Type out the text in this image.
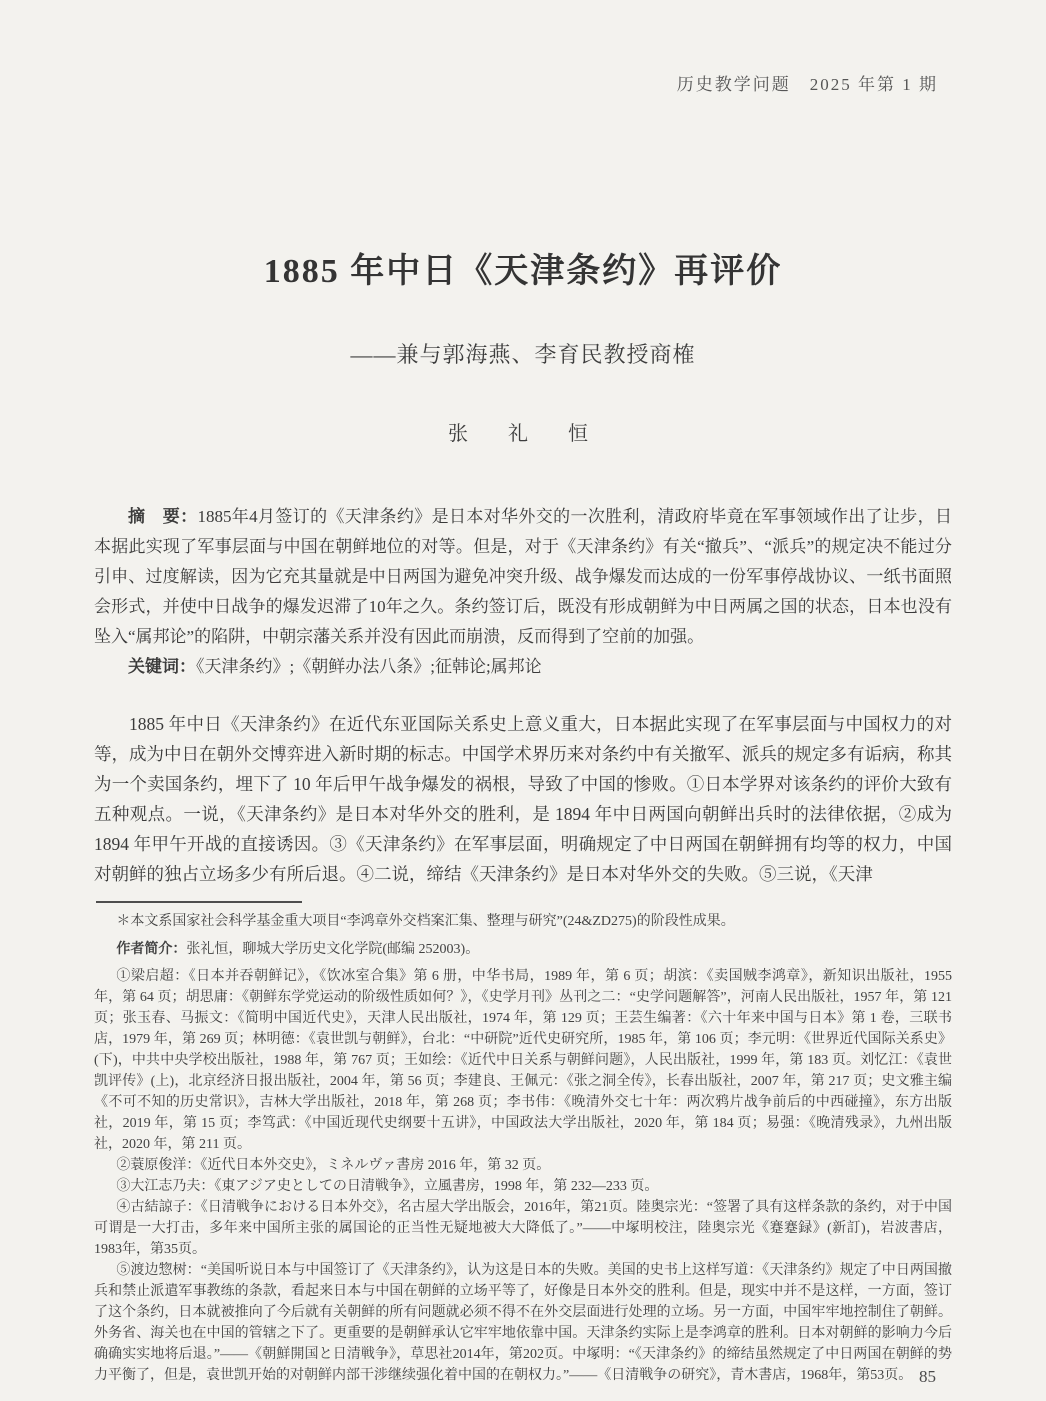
历史教学问题　2025 年第 1 期
1885 年中日《天津条约》再评价
——兼与郭海燕、李育民教授商榷
张　礼　恒

摘　要：1885年4月签订的《天津条约》是日本对华外交的一次胜利，清政府毕竟在军事领域作出了让步，日本据此实现了军事层面与中国在朝鲜地位的对等。但是，对于《天津条约》有关“撤兵”、“派兵”的规定决不能过分引申、过度解读，因为它充其量就是中日两国为避免冲突升级、战争爆发而达成的一份军事停战协议、一纸书面照会形式，并使中日战争的爆发迟滞了10年之久。条约签订后，既没有形成朝鲜为中日两属之国的状态，日本也没有坠入“属邦论”的陷阱，中朝宗藩关系并没有因此而崩溃，反而得到了空前的加强。

关键词：《天津条约》;《朝鲜办法八条》;征韩论;属邦论

1885 年中日《天津条约》在近代东亚国际关系史上意义重大，日本据此实现了在军事层面与中国权力的对等，成为中日在朝外交博弈进入新时期的标志。中国学术界历来对条约中有关撤军、派兵的规定多有诟病，称其为一个卖国条约，埋下了 10 年后甲午战争爆发的祸根，导致了中国的惨败。①日本学界对该条约的评价大致有五种观点。一说，《天津条约》是日本对华外交的胜利，是 1894 年中日两国向朝鲜出兵时的法律依据，②成为 1894 年甲午开战的直接诱因。③《天津条约》在军事层面，明确规定了中日两国在朝鲜拥有均等的权力，中国对朝鲜的独占立场多少有所后退。④二说，缔结《天津条约》是日本对华外交的失败。⑤三说，《天津

＊本文系国家社会科学基金重大项目“李鸿章外交档案汇集、整理与研究”(24&ZD275)的阶段性成果。

作者简介：张礼恒，聊城大学历史文化学院(邮编 252003)。

①梁启超：《日本并吞朝鲜记》，《饮冰室合集》第 6 册，中华书局，1989 年，第 6 页；胡滨：《卖国贼李鸿章》，新知识出版社，1955 年，第 64 页；胡思庸：《朝鲜东学党运动的阶级性质如何？》，《史学月刊》丛刊之二：“史学问题解答”，河南人民出版社，1957 年，第 121 页；张玉春、马振文：《简明中国近代史》，天津人民出版社，1974 年，第 129 页；王芸生编著：《六十年来中国与日本》第 1 卷，三联书店，1979 年，第 269 页；林明德：《袁世凯与朝鲜》，台北：“中研院”近代史研究所，1985 年，第 106 页；李元明：《世界近代国际关系史》(下)，中共中央学校出版社，1988 年，第 767 页；王如绘：《近代中日关系与朝鲜问题》，人民出版社，1999 年，第 183 页。刘忆江：《袁世凯评传》(上)，北京经济日报出版社，2004 年，第 56 页；李建良、王佩元：《张之洞全传》，长春出版社，2007 年，第 217 页；史文雅主编《不可不知的历史常识》，吉林大学出版社，2018 年，第 268 页；李书伟：《晚清外交七十年：两次鸦片战争前后的中西碰撞》，东方出版社，2019 年，第 15 页；李笃武：《中国近现代史纲要十五讲》，中国政法大学出版社，2020 年，第 184 页；易强：《晚清残录》，九州出版社，2020 年，第 211 页。

②蓑原俊洋：《近代日本外交史》，ミネルヴァ書房 2016 年，第 32 页。

③大江志乃夫：《東アジア史としての日清戦争》，立風書房，1998 年，第 232—233 页。

④古結諒子：《日清戦争における日本外交》，名古屋大学出版会，2016年，第21页。陸奥宗光：“签署了具有这样条款的条约，对于中国可谓是一大打击，多年来中国所主张的属国论的正当性无疑地被大大降低了。”——中塚明校注，陸奥宗光《蹇蹇録》(新訂)，岩波書店，1983年，第35页。

⑤渡边惣树：“美国听说日本与中国签订了《天津条约》，认为这是日本的失败。美国的史书上这样写道：《天津条约》规定了中日两国撤兵和禁止派遣军事教练的条款，看起来日本与中国在朝鲜的立场平等了，好像是日本外交的胜利。但是，现实中并不是这样，一方面，签订了这个条约，日本就被推向了今后就有关朝鲜的所有问题就必须不得不在外交层面进行处理的立场。另一方面，中国牢牢地控制住了朝鲜。外务省、海关也在中国的管辖之下了。更重要的是朝鲜承认它牢牢地依靠中国。天津条约实际上是李鸿章的胜利。日本对朝鲜的影响力今后确确实实地将后退。”——《朝鮮開国と日清戦争》，草思社2014年，第202页。中塚明：“《天津条约》的缔结虽然规定了中日两国在朝鲜的势力平衡了，但是，袁世凯开始的对朝鲜内部干涉继续强化着中国的在朝权力。”——《日清戦争の研究》，青木書店，1968年，第53页。 85
